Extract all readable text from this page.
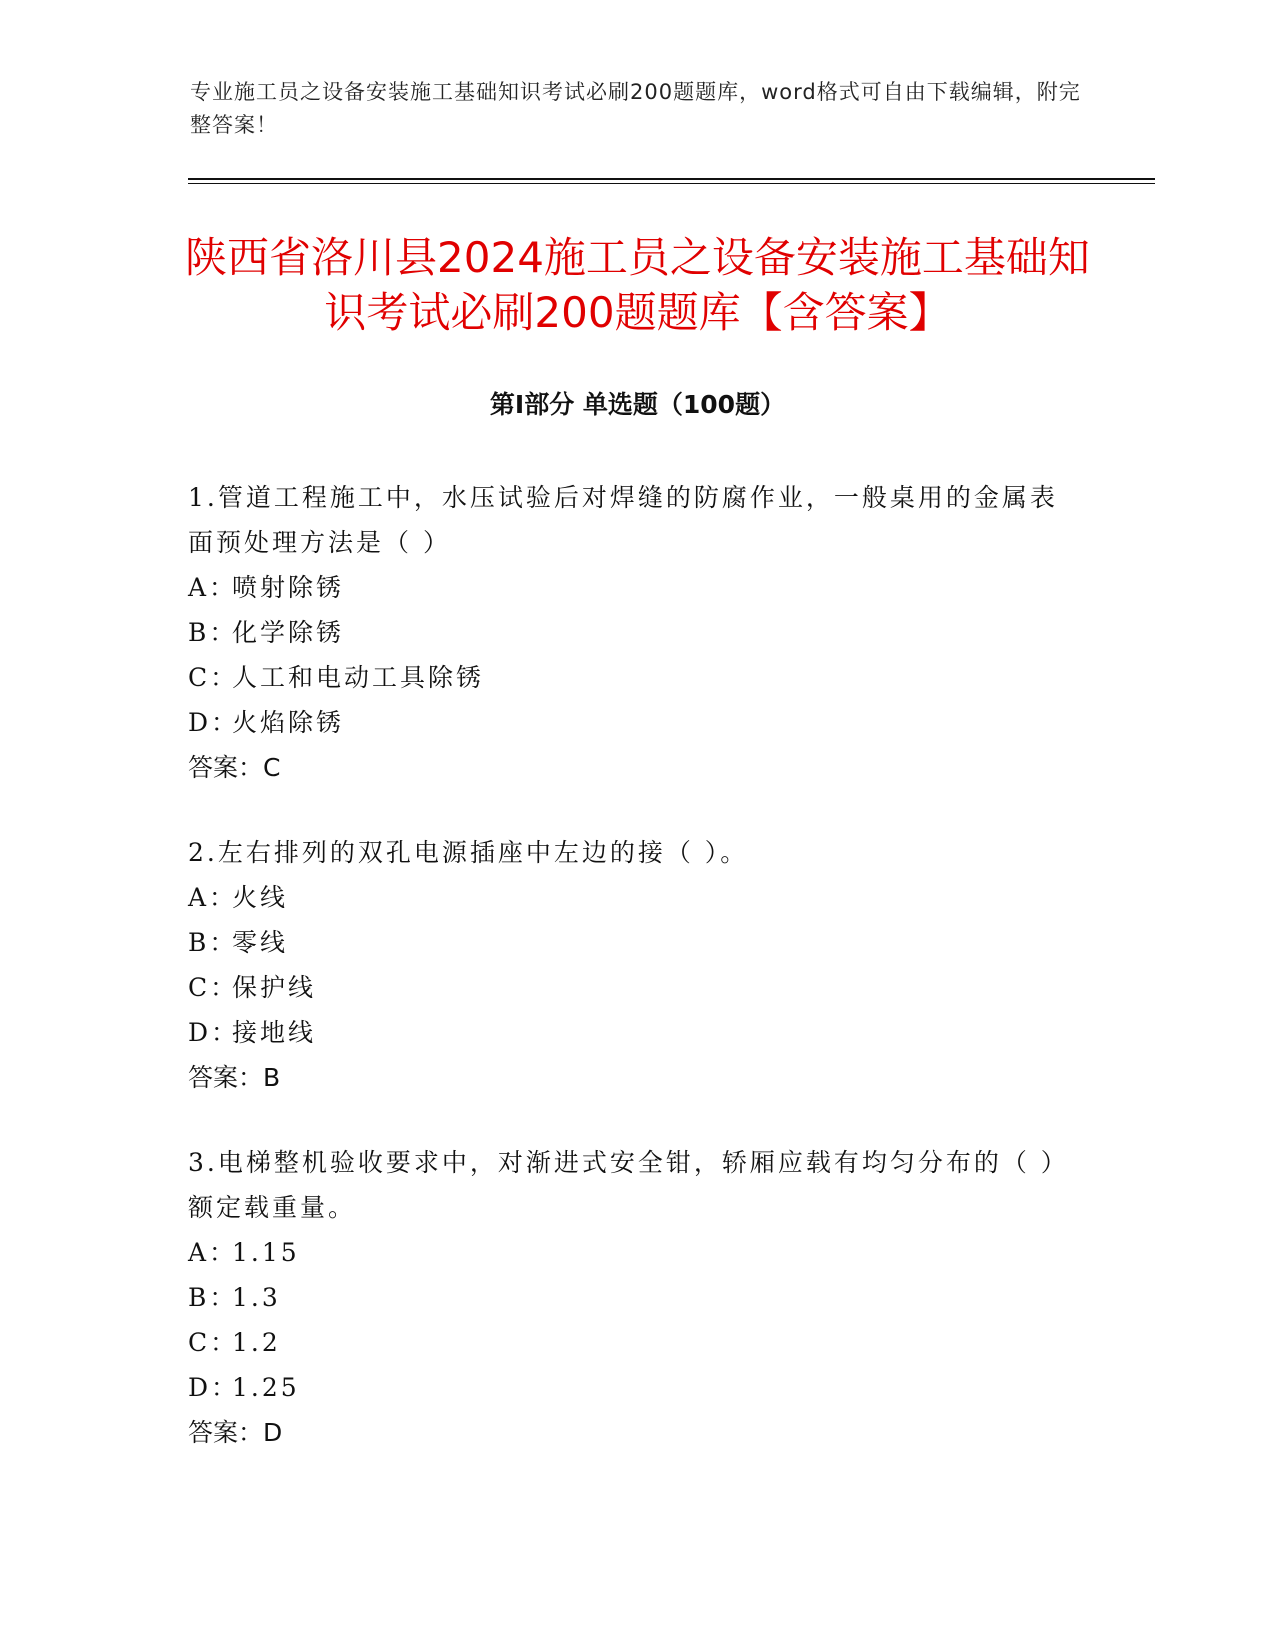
专业施工员之设备安装施工基础知识考试必刷200题题库，word格式可自由下载编辑，附完整答案！
陕西省洛川县2024施工员之设备安装施工基础知识考试必刷200题题库【含答案】
第I部分 单选题（100题）

1.管道工程施工中，水压试验后对焊缝的防腐作业，一般桌用的金属表面预处理方法是（ ）

A：喷射除锈

B：化学除锈

C：人工和电动工具除锈

D：火焰除锈

答案：C

2.左右排列的双孔电源插座中左边的接（ ）。

A：火线

B：零线

C：保护线

D：接地线

答案：B

3.电梯整机验收要求中，对渐进式安全钳，轿厢应载有均匀分布的（ ）额定载重量。

A：1.15

B：1.3

C：1.2

D：1.25

答案：D
